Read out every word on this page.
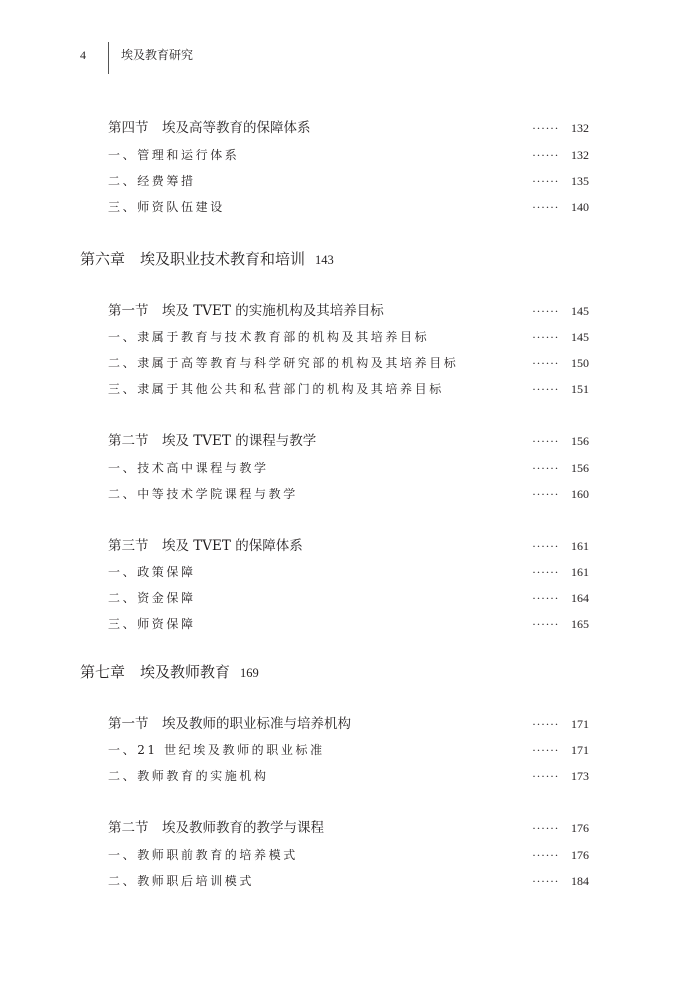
4	埃及教育研究
第四节　埃及高等教育的保障体系	······ 132
一、管理和运行体系	······ 132
二、经费筹措	······ 135
三、师资队伍建设	······ 140
第六章　埃及职业技术教育和培训 143
第一节　埃及 TVET 的实施机构及其培养目标	······ 145
一、隶属于教育与技术教育部的机构及其培养目标	······ 145
二、隶属于高等教育与科学研究部的机构及其培养目标	······ 150
三、隶属于其他公共和私营部门的机构及其培养目标	······ 151
第二节　埃及 TVET 的课程与教学	······ 156
一、技术高中课程与教学	······ 156
二、中等技术学院课程与教学	······ 160
第三节　埃及 TVET 的保障体系	······ 161
一、政策保障	······ 161
二、资金保障	······ 164
三、师资保障	······ 165
第七章　埃及教师教育 169
第一节　埃及教师的职业标准与培养机构	······ 171
一、21 世纪埃及教师的职业标准	······ 171
二、教师教育的实施机构	······ 173
第二节　埃及教师教育的教学与课程	······ 176
一、教师职前教育的培养模式	······ 176
二、教师职后培训模式	······ 184
